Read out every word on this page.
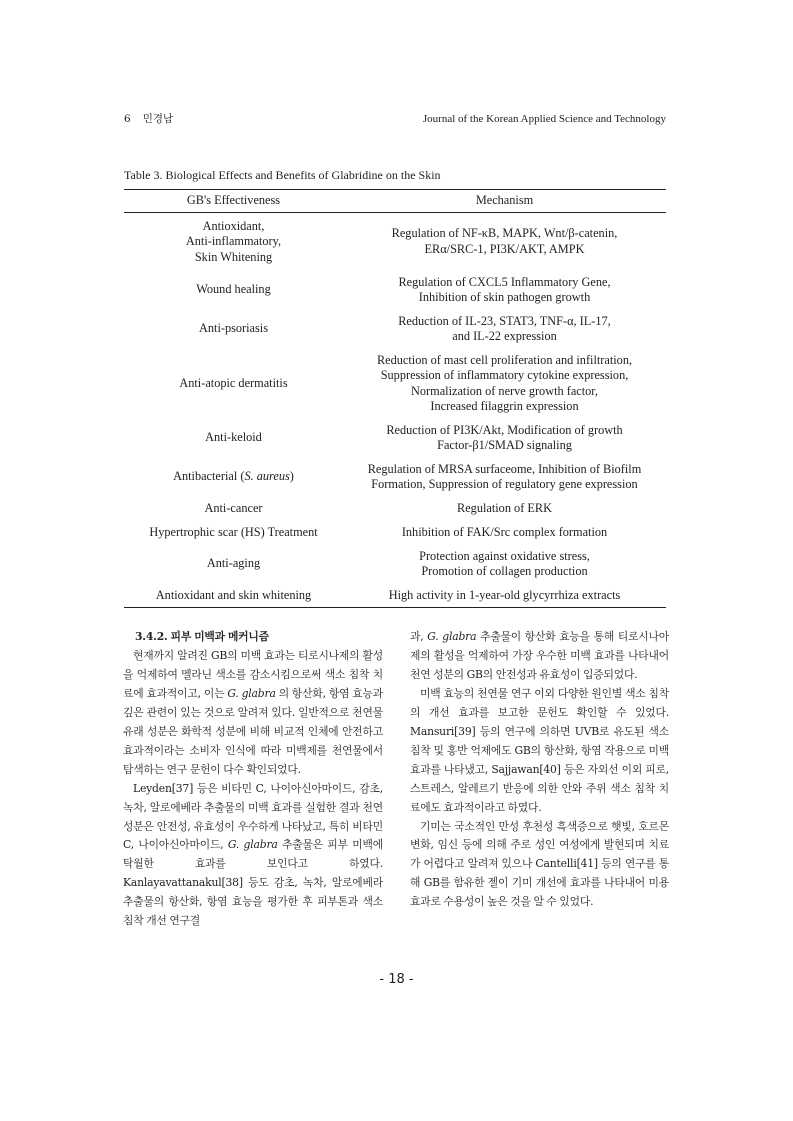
6 민경남	Journal of the Korean Applied Science and Technology
Table 3. Biological Effects and Benefits of Glabridine on the Skin
GB's Effectiveness	Mechanism
Antioxidant,
Anti-inflammatory,
Skin Whitening	Regulation of NF-κB, MAPK, Wnt/β-catenin,
ERα/SRC-1, PI3K/AKT, AMPK
Wound healing	Regulation of CXCL5 Inflammatory Gene,
Inhibition of skin pathogen growth
Anti-psoriasis	Reduction of IL-23, STAT3, TNF-α, IL-17,
and IL-22 expression
Anti-atopic dermatitis	Reduction of mast cell proliferation and infiltration,
Suppression of inflammatory cytokine expression,
Normalization of nerve growth factor,
Increased filaggrin expression
Anti-keloid	Reduction of PI3K/Akt, Modification of growth
Factor-β1/SMAD signaling
Antibacterial (S. aureus)	Regulation of MRSA surfaceome, Inhibition of Biofilm
Formation, Suppression of regulatory gene expression
Anti-cancer	Regulation of ERK
Hypertrophic scar (HS) Treatment	Inhibition of FAK/Src complex formation
Anti-aging	Protection against oxidative stress,
Promotion of collagen production
Antioxidant and skin whitening	High activity in 1-year-old glycyrrhiza extracts

3.4.2. 피부 미백과 메커니즘

현재까지 알려진 GB의 미백 효과는 티로시나제의 활성을 억제하여 멜라닌 색소를 감소시킴으로써 색소 침착 치료에 효과적이고, 이는 G. glabra 의 항산화, 항염 효능과 깊은 관련이 있는 것으로 알려져 있다. 일반적으로 천연물 유래 성분은 화학적 성분에 비해 비교적 인체에 안전하고 효과적이라는 소비자 인식에 따라 미백제를 천연물에서 탐색하는 연구 문헌이 다수 확인되었다.

Leyden[37] 등은 비타민 C, 나이아신아마이드, 감초, 녹차, 알로에베라 추출물의 미백 효과를 실험한 결과 천연 성분은 안전성, 유효성이 우수하게 나타났고, 특히 비타민 C, 나이아신아마이드, G. glabra 추출물은 피부 미백에 탁월한 효과를 보인다고 하였다. Kanlayavattanakul[38] 등도 감초, 녹차, 알로에베라 추출물의 항산화, 항염 효능을 평가한 후 피부톤과 색소 침착 개선 연구결

과, G. glabra 추출물이 항산화 효능을 통해 티로시나아제의 활성을 억제하여 가장 우수한 미백 효과를 나타내어 천연 성분의 GB의 안전성과 유효성이 입증되었다.

미백 효능의 천연물 연구 이외 다양한 원인별 색소 침착의 개선 효과를 보고한 문헌도 확인할 수 있었다. Mansuri[39] 등의 연구에 의하면 UVB로 유도된 색소 침착 및 홍반 억제에도 GB의 항산화, 항염 작용으로 미백 효과를 나타냈고, Sajjawan[40] 등은 자외선 이외 피로, 스트레스, 알레르기 반응에 의한 안와 주위 색소 침착 치료에도 효과적이라고 하였다.

기미는 국소적인 만성 후천성 흑색증으로 햇빛, 호르몬 변화, 임신 등에 의해 주로 성인 여성에게 발현되며 치료가 어렵다고 알려져 있으나 Cantelli[41] 등의 연구를 통해 GB를 함유한 젤이 기미 개선에 효과를 나타내어 미용 효과로 수용성이 높은 것을 알 수 있었다.

- 18 -
